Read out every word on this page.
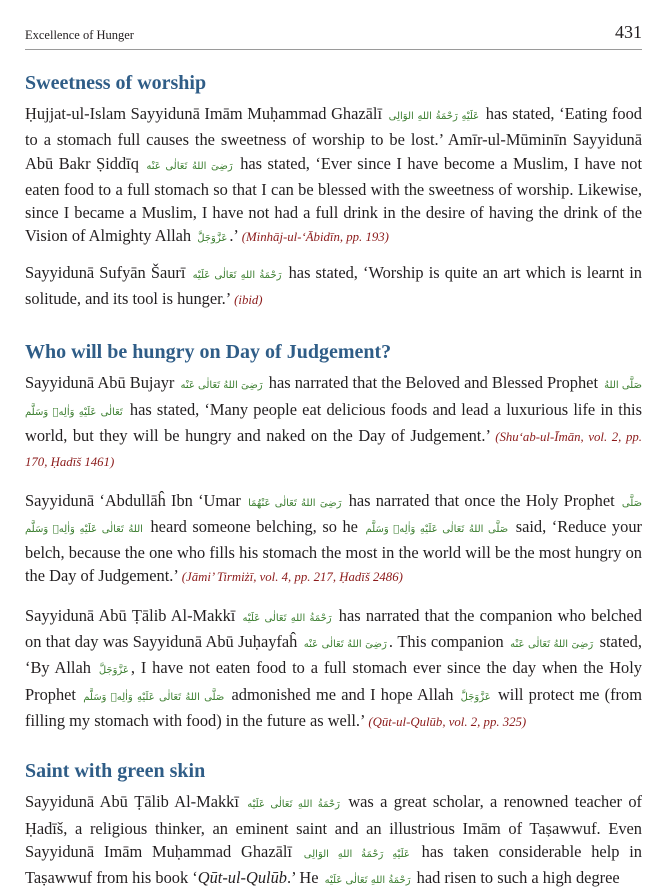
Excellence of Hunger	431
Sweetness of worship

Ḥujjat-ul-Islam Sayyidunā Imām Muḥammad Ghazālī عَلَيْهِ رَحْمَةُ اللهِ الوَالِى has stated, ‘Eating food to a stomach full causes the sweetness of worship to be lost.’ Amīr-ul-Mūminīn Sayyidunā Abū Bakr Ṣiddīq رَضِىَ اللهُ تَعَالٰى عَنْه has stated, ‘Ever since I have become a Muslim, I have not eaten food to a full stomach so that I can be blessed with the sweetness of worship. Likewise, since I became a Muslim, I have not had a full drink in the desire of having the drink of the Vision of Almighty Allah عَزَّوَجَلَّ .’ (Minhāj-ul-‘Ābidīn, pp. 193)

Sayyidunā Sufyān Šaurī رَحْمَةُ اللهِ تَعَالٰى عَلَيْه has stated, ‘Worship is quite an art which is learnt in solitude, and its tool is hunger.’ (ibid)

Who will be hungry on Day of Judgement?

Sayyidunā Abū Bujayr رَضِىَ اللهُ تَعَالٰى عَنْه has narrated that the Beloved and Blessed Prophet صَلَّى اللهُ تَعَالٰى عَلَيْهِ وَاٰلِهٖ وَسَلَّم has stated, ‘Many people eat delicious foods and lead a luxurious life in this world, but they will be hungry and naked on the Day of Judgement.’ (Shu‘ab-ul-Īmān, vol. 2, pp. 170, Ḥadīš 1461)

Sayyidunā ‘Abdullāĥ Ibn ‘Umar رَضِىَ اللهُ تَعَالٰى عَنْهُمَا has narrated that once the Holy Prophet صَلَّى اللهُ تَعَالٰى عَلَيْهِ وَاٰلِهٖ وَسَلَّم heard someone belching, so he صَلَّى اللهُ تَعَالٰى عَلَيْهِ وَاٰلِهٖ وَسَلَّم said, ‘Reduce your belch, because the one who fills his stomach the most in the world will be the most hungry on the Day of Judgement.’ (Jāmi’ Tirmiżī, vol. 4, pp. 217, Ḥadīš 2486)

Sayyidunā Abū Ṭālib Al-Makkī رَحْمَةُ اللهِ تَعَالٰى عَلَيْه has narrated that the companion who belched on that day was Sayyidunā Abū Juḥayfaĥ رَضِىَ اللهُ تَعَالٰى عَنْه . This companion رَضِىَ اللهُ تَعَالٰى عَنْه stated, ‘By Allah عَزَّوَجَلَّ , I have not eaten food to a full stomach ever since the day when the Holy Prophet صَلَّى اللهُ تَعَالٰى عَلَيْهِ وَاٰلِهٖ وَسَلَّم admonished me and I hope Allah عَزَّوَجَلَّ will protect me (from filling my stomach with food) in the future as well.’ (Qūt-ul-Qulūb, vol. 2, pp. 325)

Saint with green skin

Sayyidunā Abū Ṭālib Al-Makkī رَحْمَةُ اللهِ تَعَالٰى عَلَيْه was a great scholar, a renowned teacher of Ḥadīš, a religious thinker, an eminent saint and an illustrious Imām of Taṣawwuf. Even Sayyidunā Imām Muḥammad Ghazālī عَلَيْهِ رَحْمَةُ اللهِ الوَالِى has taken considerable help in Taṣawwuf from his book ‘Qūt-ul-Qulūb.’ He رَحْمَةُ اللهِ تَعَالٰى عَلَيْه had risen to such a high degree
